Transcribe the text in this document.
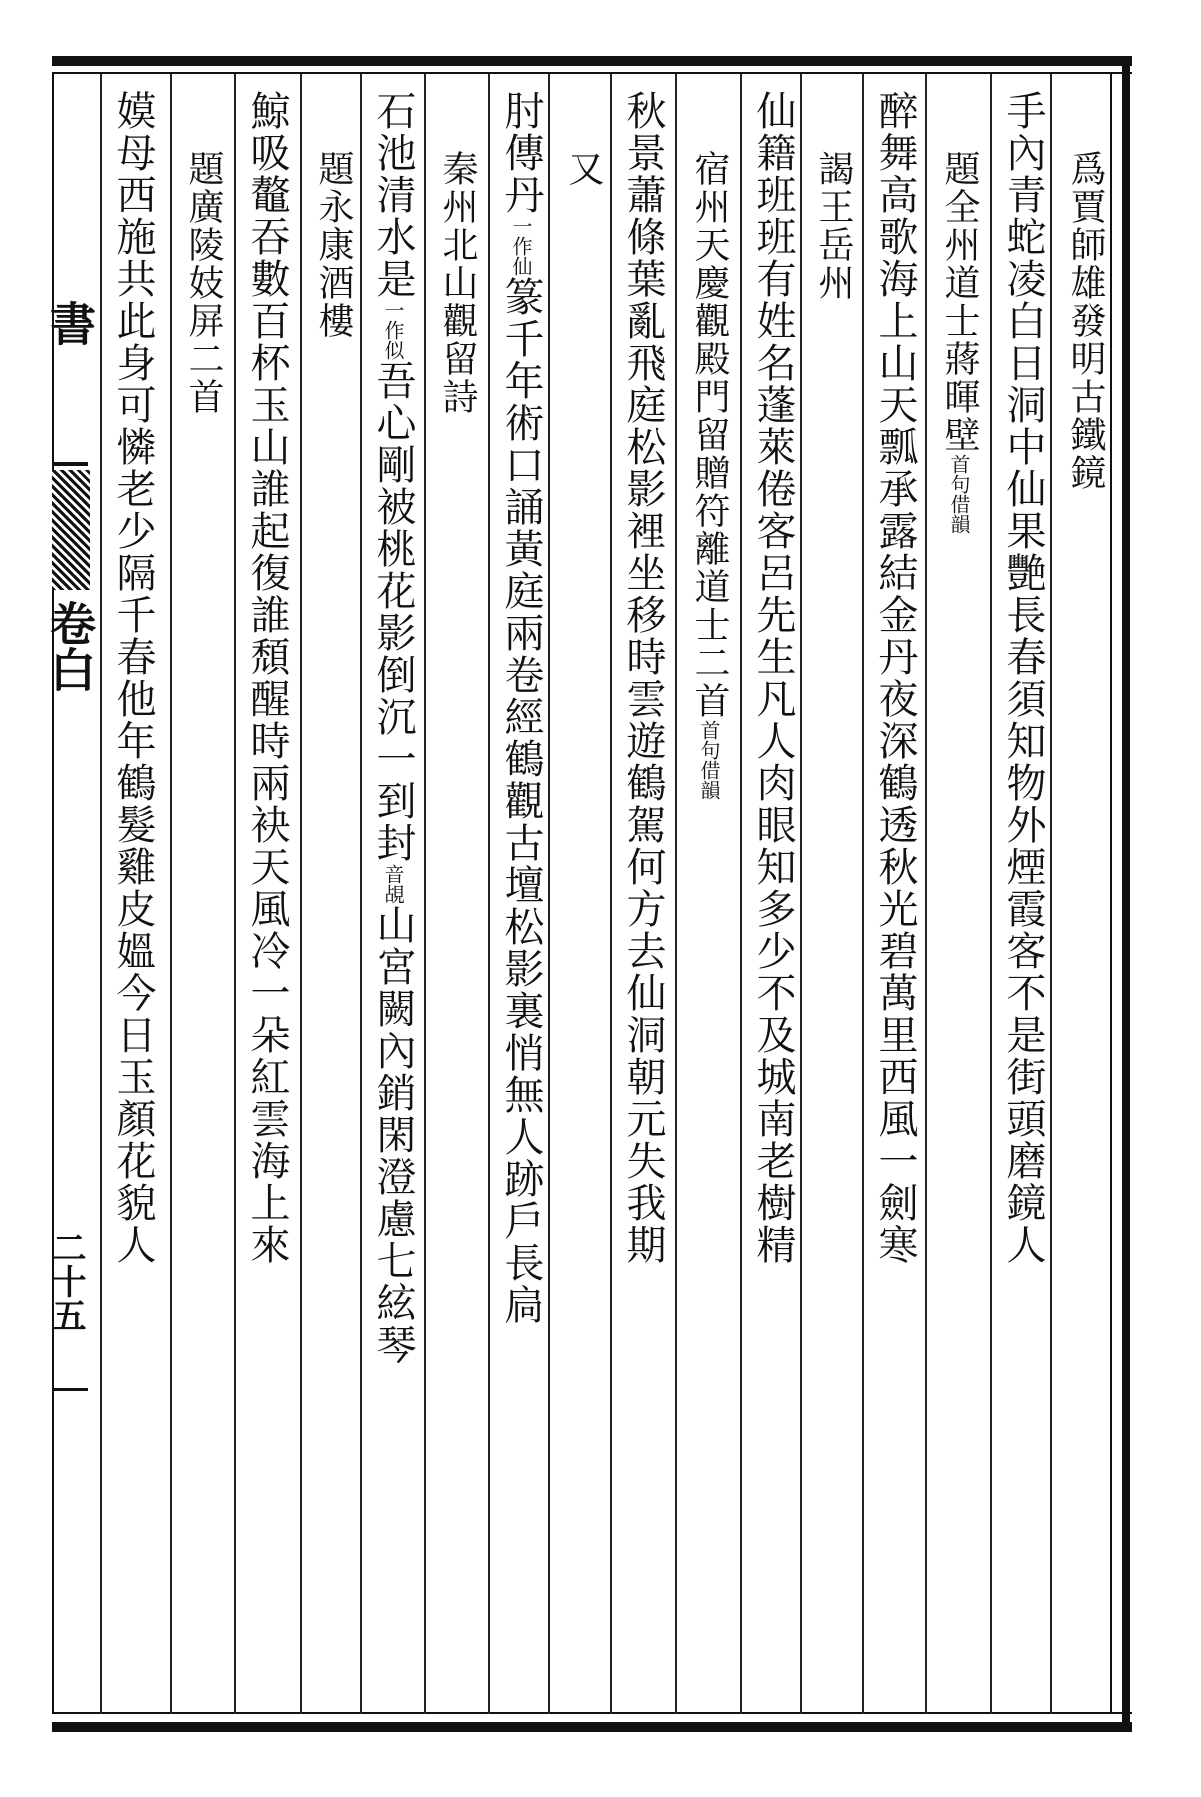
書
卷白
二十五
爲賈師雄發明古鐵鏡
手內青蛇凌白日洞中仙果艷長春須知物外煙霞客不是街頭磨鏡人
題全州道士蔣暉壁首句借韻
醉舞高歌海上山天瓢承露結金丹夜深鶴透秋光碧萬里西風一劍寒
謁王岳州
仙籍班班有姓名蓬萊倦客呂先生凡人肉眼知多少不及城南老樹精
宿州天慶觀殿門留贈符離道士二首首句借韻
秋景蕭條葉亂飛庭松影裡坐移時雲遊鶴駕何方去仙洞朝元失我期
又
肘傳丹一作仙篆千年術口誦黃庭兩卷經鶴觀古壇松影裏悄無人跡戶長扃
秦州北山觀留詩
石池清水是一作似吾心剛被桃花影倒沉一到封音覘山宮闕內銷閑澄慮七絃琴
題永康酒樓
鯨吸鼇吞數百杯玉山誰起復誰頹醒時兩袂天風冷一朵紅雲海上來
題廣陵妓屏二首
嫫母西施共此身可憐老少隔千春他年鶴髮雞皮媼今日玉顏花貌人
